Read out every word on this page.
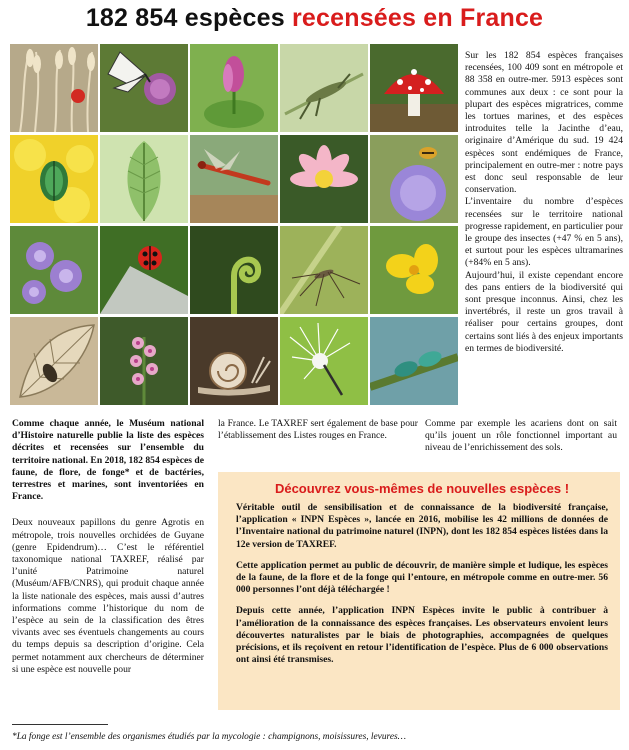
182 854 espèces recensées en France

Sur les 182 854 espèces françaises recensées, 100 409 sont en métropole et 88 358 en outre-mer. 5913 espèces sont communes aux deux : ce sont pour la plupart des espèces migratrices, comme les tortues marines, et des espèces introduites telle la Jacinthe d’eau, originaire d’Amérique du sud. 19 424 espèces sont endémiques de France, principalement en outre-mer : notre pays est donc seul responsable de leur conservation.

L’inventaire du nombre d’espèces recensées sur le territoire national progresse rapidement, en particulier pour le groupe des insectes (+47 % en 5 ans), et surtout pour les espèces ultramarines (+84% en 5 ans).

Aujourd’hui, il existe cependant encore des pans entiers de la biodiversité qui sont presque inconnus. Ainsi, chez les invertébrés, il reste un gros travail à réaliser pour certains groupes, dont certains sont liés à des enjeux importants en termes de biodiversité.

Comme chaque année, le Muséum national d’Histoire naturelle publie la liste des espèces décrites et recensées sur l’ensemble du territoire national. En 2018, 182 854 espèces de faune, de flore, de fonge* et de bactéries, terrestres et marines, sont inventoriées en France.

Deux nouveaux papillons du genre Agrotis en métropole, trois nouvelles orchidées de Guyane (genre Epidendrum)… C’est le référentiel taxonomique national TAXREF, réalisé par l’unité Patrimoine naturel (Muséum/AFB/CNRS), qui produit chaque année la liste nationale des espèces, mais aussi d’autres informations comme l’historique du nom de l’espèce au sein de la classification des êtres vivants avec ses éventuels changements au cours du temps depuis sa description d’origine. Cela permet notamment aux chercheurs de déterminer si une espèce est nouvelle pour

la France. Le TAXREF sert également de base pour l’établissement des Listes rouges en France.

Comme par exemple les acariens dont on sait qu’ils jouent un rôle fonctionnel important au niveau de l’enrichissement des sols.

Découvrez vous-mêmes de nouvelles espèces !

Véritable outil de sensibilisation et de connaissance de la biodiversité française, l’application « INPN Espèces », lancée en 2016, mobilise les 42 millions de données de l’Inventaire national du patrimoine naturel (INPN), dont les 182 854 espèces listées dans la 12e version de TAXREF.

Cette application permet au public de découvrir, de manière simple et ludique, les espèces de la faune, de la flore et de la fonge qui l’entoure, en métropole comme en outre-mer. 56 000 personnes l’ont déjà téléchargée !

Depuis cette année, l’application INPN Espèces invite le public à contribuer à l’amélioration de la connaissance des espèces françaises. Les observateurs envoient leurs découvertes naturalistes par le biais de photographies, accompagnées de quelques précisions, et ils reçoivent en retour l’identification de l’espèce. Plus de 6 000 observations ont ainsi été transmises.

*La fonge est l’ensemble des organismes étudiés par la mycologie : champignons, moisissures, levures…
